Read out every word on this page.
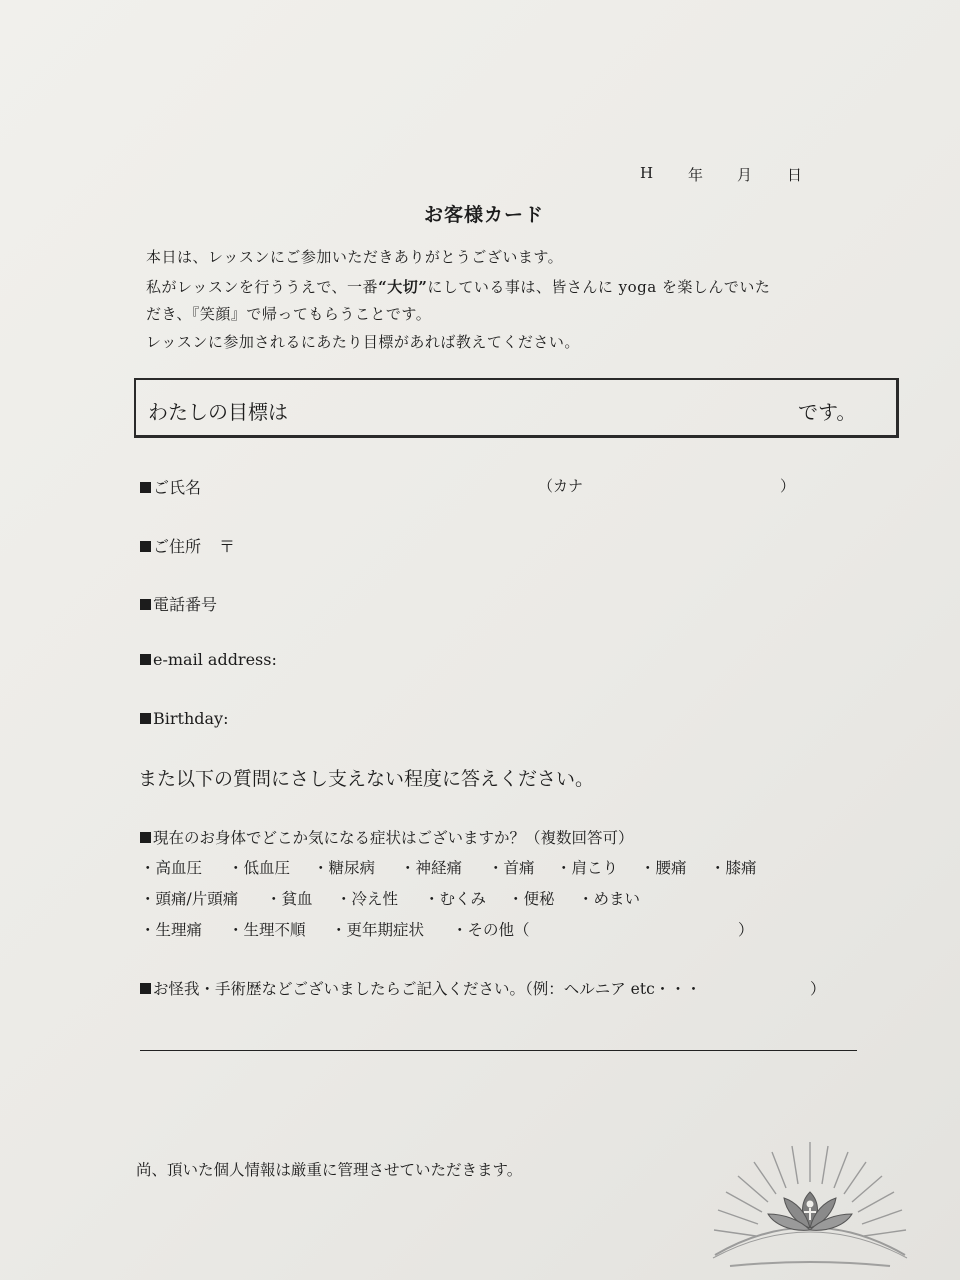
H 年 月 日
お客様カード
本日は、レッスンにご参加いただきありがとうございます。
私がレッスンを行ううえで、一番“大切”にしている事は、皆さんに yoga を楽しんでいた
だき、『笑顔』で帰ってもらうことです。
レッスンに参加されるにあたり目標があれば教えてください。
わたしの目標は	です。
ご氏名	（カナ	）
ご住所 〒
電話番号
e-mail address:
Birthday:
また以下の質問にさし支えない程度に答えください。
現在のお身体でどこか気になる症状はございますか？（複数回答可）
・高血圧 ・低血圧 ・糖尿病 ・神経痛 ・首痛 ・肩こり ・腰痛 ・膝痛
・頭痛/片頭痛 ・貧血 ・冷え性 ・むくみ ・便秘 ・めまい
・生理痛 ・生理不順 ・更年期症状 ・その他（	）
お怪我・手術歴などございましたらご記入ください。（例：ヘルニア etc・・・	）
尚、頂いた個人情報は厳重に管理させていただきます。
